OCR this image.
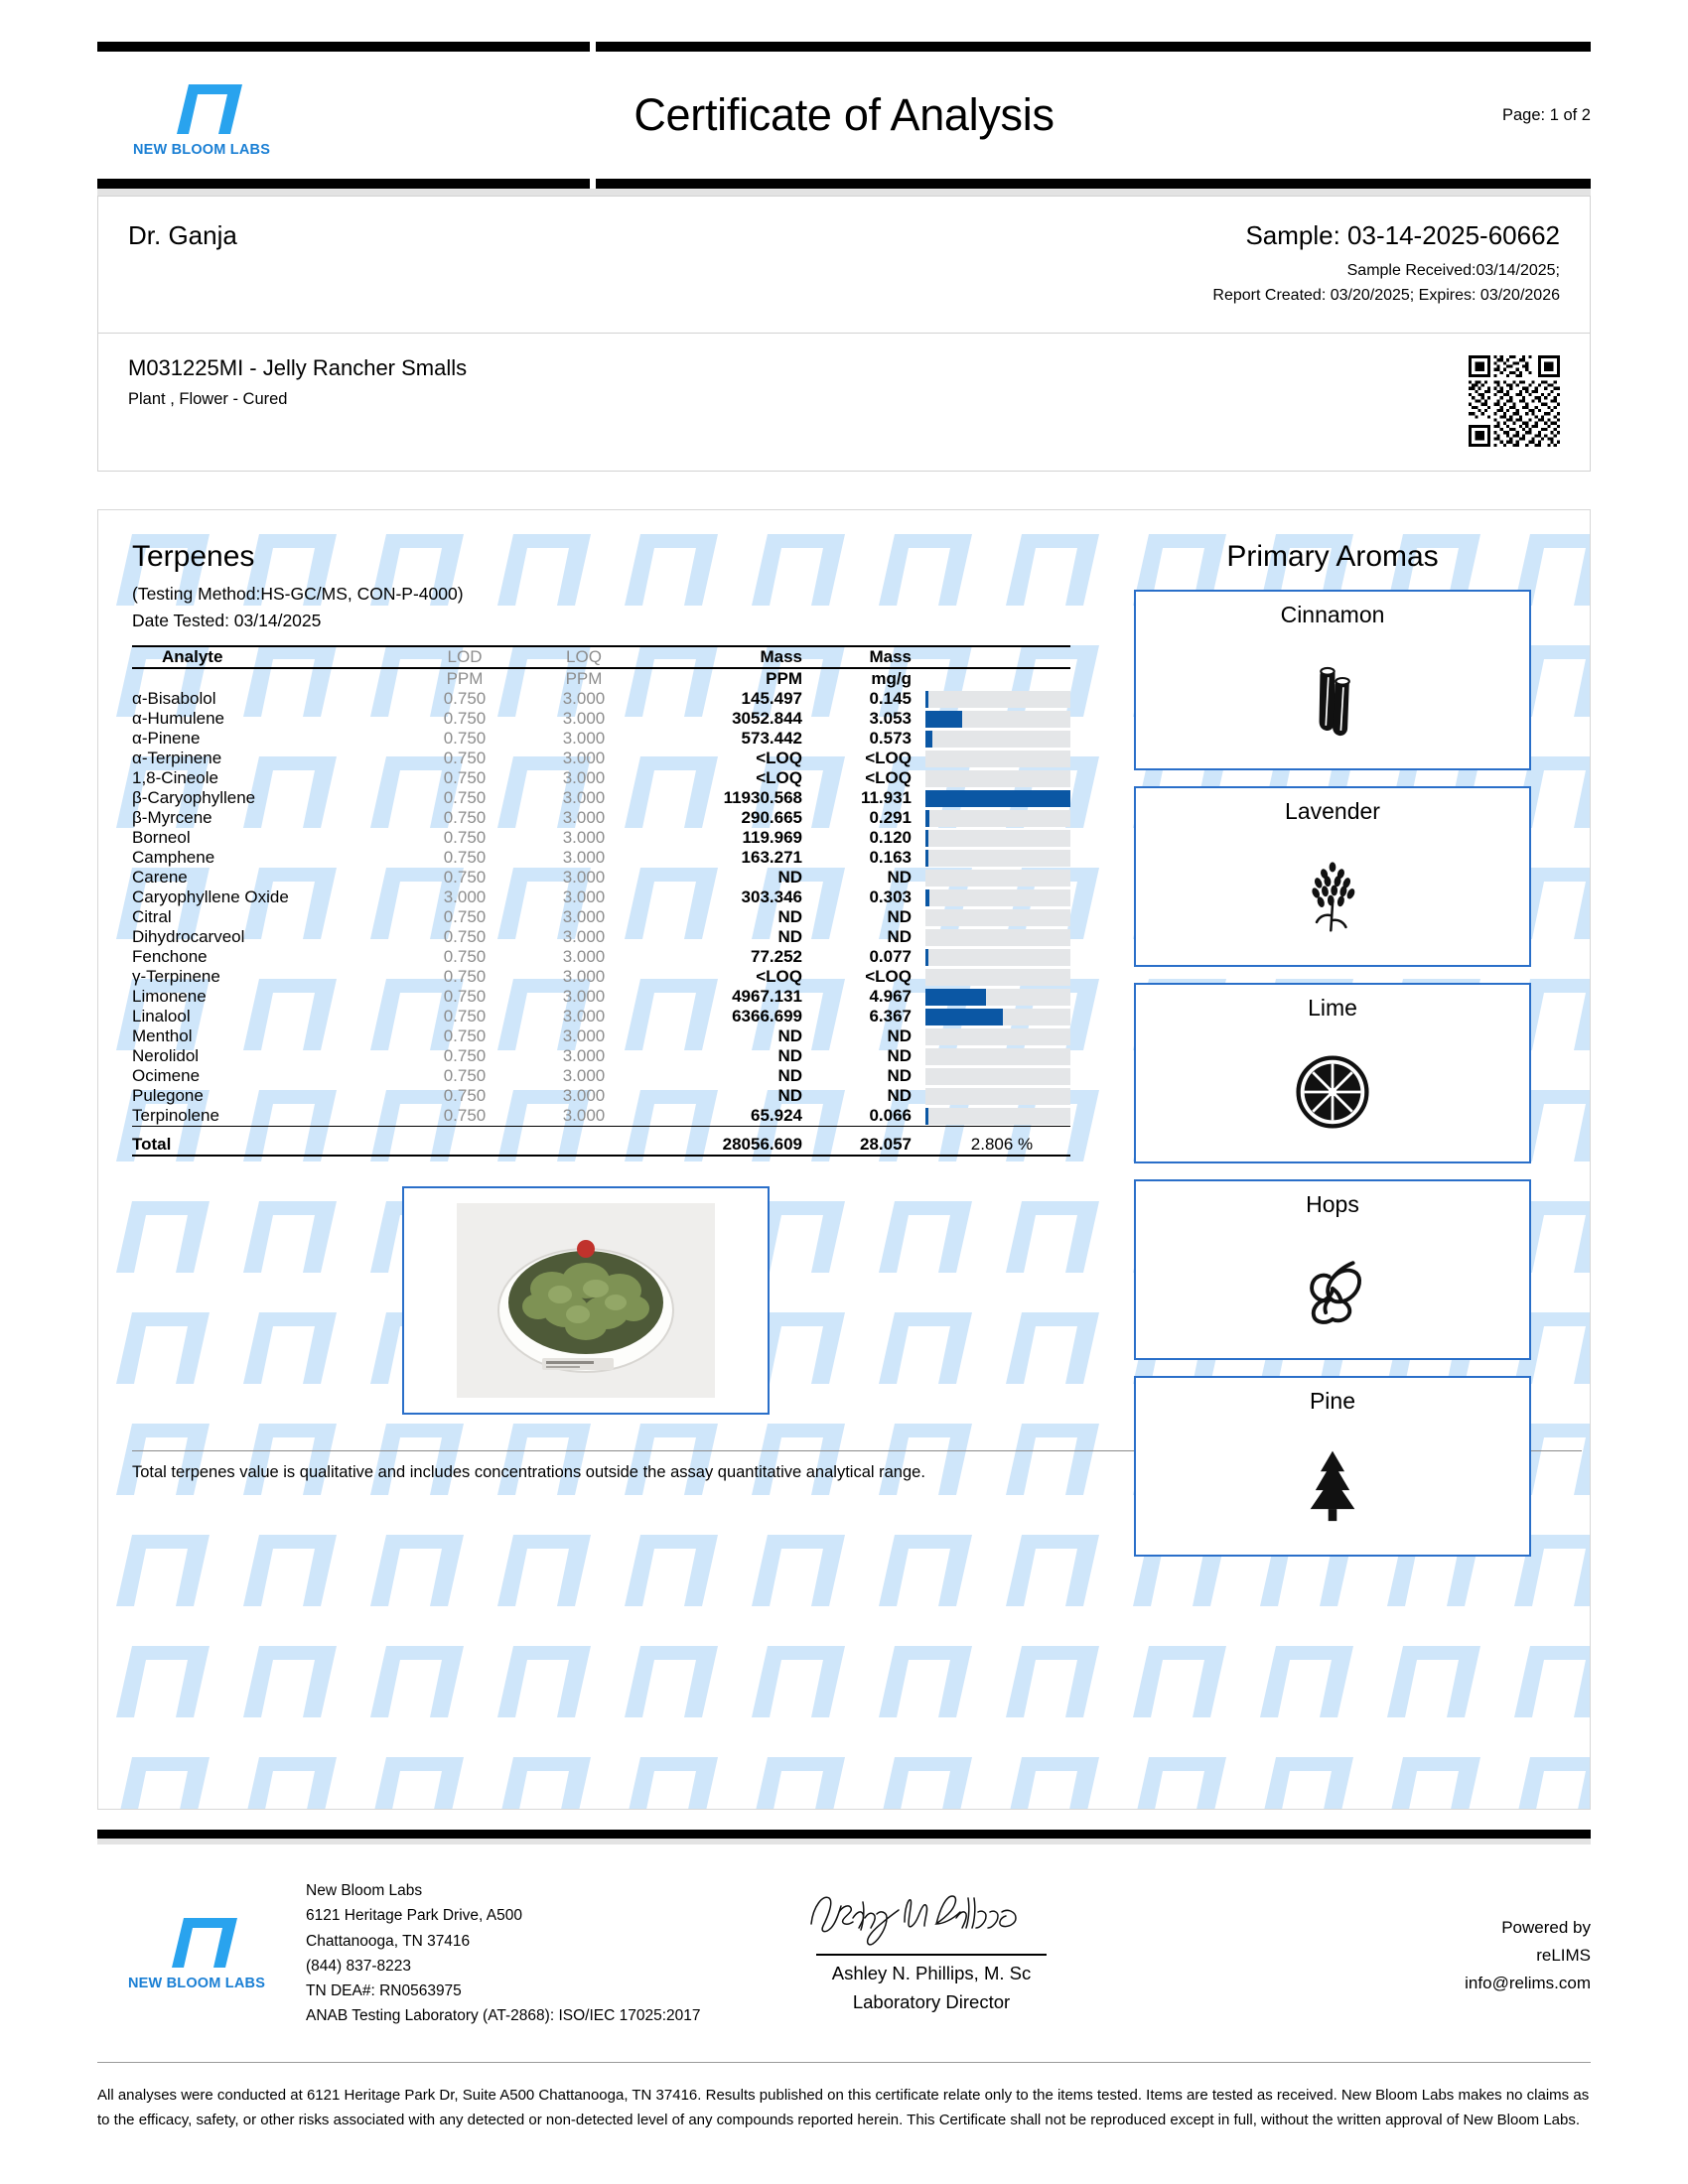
NEW BLOOM LABS
Certificate of Analysis	Page: 1 of 2
Dr. Ganja	Sample: 03-14-2025-60662
Sample Received:03/14/2025;
Report Created: 03/20/2025; Expires: 03/20/2026
M031225MI - Jelly Rancher Smalls
Plant , Flower - Cured
Terpenes
(Testing Method:HS-GC/MS, CON-P-4000)
Date Tested: 03/14/2025
Analyte	LOD	LOQ	Mass	Mass	
	PPM	PPM	PPM	mg/g	
α-Bisabolol	0.750	3.000	145.497	0.145	

α-Humulene	0.750	3.000	3052.844	3.053	

α-Pinene	0.750	3.000	573.442	0.573	

α-Terpinene	0.750	3.000	<LOQ	<LOQ	

1,8-Cineole	0.750	3.000	<LOQ	<LOQ	

β-Caryophyllene	0.750	3.000	11930.568	11.931	

β-Myrcene	0.750	3.000	290.665	0.291	

Borneol	0.750	3.000	119.969	0.120	

Camphene	0.750	3.000	163.271	0.163	

Carene	0.750	3.000	ND	ND	

Caryophyllene Oxide	3.000	3.000	303.346	0.303	

Citral	0.750	3.000	ND	ND	

Dihydrocarveol	0.750	3.000	ND	ND	

Fenchone	0.750	3.000	77.252	0.077	

γ-Terpinene	0.750	3.000	<LOQ	<LOQ	

Limonene	0.750	3.000	4967.131	4.967	

Linalool	0.750	3.000	6366.699	6.367	

Menthol	0.750	3.000	ND	ND	

Nerolidol	0.750	3.000	ND	ND	

Ocimene	0.750	3.000	ND	ND	

Pulegone	0.750	3.000	ND	ND	

Terpinolene	0.750	3.000	65.924	0.066	

Total			28056.609	28.057	2.806 %
Total terpenes value is qualitative and includes concentrations outside the assay quantitative analytical range.
Primary Aromas
Cinnamon
Lavender
Lime
Hops
Pine
NEW BLOOM LABS
New Bloom Labs
6121 Heritage Park Drive, A500
Chattanooga, TN 37416
(844) 837-8223
TN DEA#: RN0563975
ANAB Testing Laboratory (AT-2868): ISO/IEC 17025:2017
Ashley N. Phillips, M. Sc
Laboratory Director
Powered by
reLIMS
info@relims.com
All analyses were conducted at 6121 Heritage Park Dr, Suite A500 Chattanooga, TN 37416. Results published on this certificate relate only to the items tested. Items are tested as received. New Bloom Labs makes no claims as to the efficacy, safety, or other risks associated with any detected or non-detected level of any compounds reported herein. This Certificate shall not be reproduced except in full, without the written approval of New Bloom Labs.
